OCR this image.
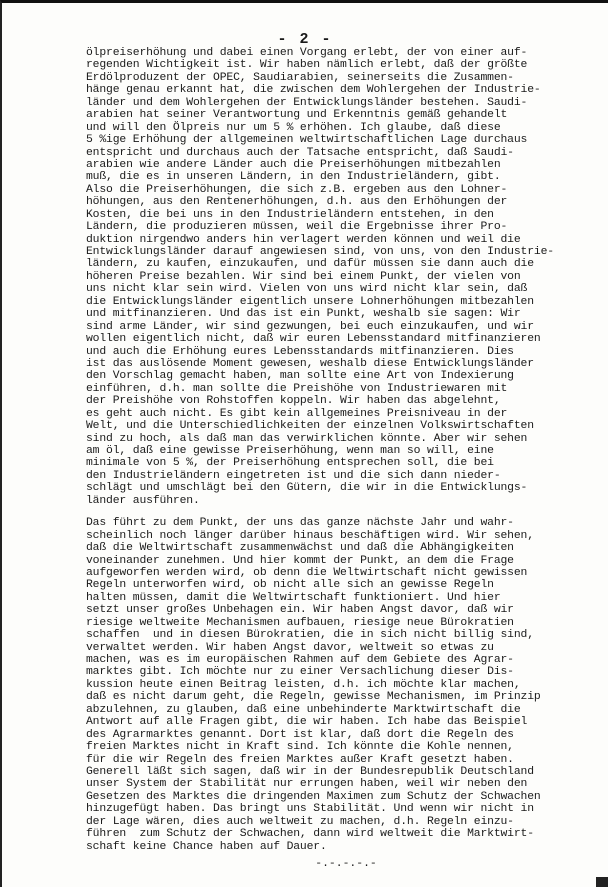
- 2 -
ölpreiserhöhung und dabei einen Vorgang erlebt, der von einer auf-
regenden Wichtigkeit ist. Wir haben nämlich erlebt, daß der größte
Erdölproduzent der OPEC, Saudiarabien, seinerseits die Zusammen-
hänge genau erkannt hat, die zwischen dem Wohlergehen der Industrie-
länder und dem Wohlergehen der Entwicklungsländer bestehen. Saudi-
arabien hat seiner Verantwortung und Erkenntnis gemäß gehandelt
und will den Ölpreis nur um 5 % erhöhen. Ich glaube, daß diese
5 %ige Erhöhung der allgemeinen weltwirtschaftlichen Lage durchaus
entspricht und durchaus auch der Tatsache entspricht, daß Saudi-
arabien wie andere Länder auch die Preiserhöhungen mitbezahlen
muß, die es in unseren Ländern, in den Industrieländern, gibt.
Also die Preiserhöhungen, die sich z.B. ergeben aus den Lohner-
höhungen, aus den Rentenerhöhungen, d.h. aus den Erhöhungen der
Kosten, die bei uns in den Industrieländern entstehen, in den
Ländern, die produzieren müssen, weil die Ergebnisse ihrer Pro-
duktion nirgendwo anders hin verlagert werden können und weil die
Entwicklungsländer darauf angewiesen sind, von uns, von den Industrie-
ländern, zu kaufen, einzukaufen, und dafür müssen sie dann auch die
höheren Preise bezahlen. Wir sind bei einem Punkt, der vielen von
uns nicht klar sein wird. Vielen von uns wird nicht klar sein, daß
die Entwicklungsländer eigentlich unsere Lohnerhöhungen mitbezahlen
und mitfinanzieren. Und das ist ein Punkt, weshalb sie sagen: Wir
sind arme Länder, wir sind gezwungen, bei euch einzukaufen, und wir
wollen eigentlich nicht, daß wir euren Lebensstandard mitfinanzieren
und auch die Erhöhung eures Lebensstandards mitfinanzieren. Dies
ist das auslösende Moment gewesen, weshalb diese Entwicklungsländer
den Vorschlag gemacht haben, man sollte eine Art von Indexierung
einführen, d.h. man sollte die Preishöhe von Industriewaren mit
der Preishöhe von Rohstoffen koppeln. Wir haben das abgelehnt,
es geht auch nicht. Es gibt kein allgemeines Preisniveau in der
Welt, und die Unterschiedlichkeiten der einzelnen Volkswirtschaften
sind zu hoch, als daß man das verwirklichen könnte. Aber wir sehen
am öl, daß eine gewisse Preiserhöhung, wenn man so will, eine
minimale von 5 %, der Preiserhöhung entsprechen soll, die bei
den Industrieländern eingetreten ist und die sich dann nieder-
schlägt und umschlägt bei den Gütern, die wir in die Entwicklungs-
länder ausführen.
Das führt zu dem Punkt, der uns das ganze nächste Jahr und wahr-
scheinlich noch länger darüber hinaus beschäftigen wird. Wir sehen,
daß die Weltwirtschaft zusammenwächst und daß die Abhängigkeiten
voneinander zunehmen. Und hier kommt der Punkt, an dem die Frage
aufgeworfen werden wird, ob denn die Weltwirtschaft nicht gewissen
Regeln unterworfen wird, ob nicht alle sich an gewisse Regeln
halten müssen, damit die Weltwirtschaft funktioniert. Und hier
setzt unser großes Unbehagen ein. Wir haben Angst davor, daß wir
riesige weltweite Mechanismen aufbauen, riesige neue Bürokratien
schaffen  und in diesen Bürokratien, die in sich nicht billig sind,
verwaltet werden. Wir haben Angst davor, weltweit so etwas zu
machen, was es im europäischen Rahmen auf dem Gebiete des Agrar-
marktes gibt. Ich möchte nur zu einer Versachlichung dieser Dis-
kussion heute einen Beitrag leisten, d.h. ich möchte klar machen,
daß es nicht darum geht, die Regeln, gewisse Mechanismen, im Prinzip
abzulehnen, zu glauben, daß eine unbehinderte Marktwirtschaft die
Antwort auf alle Fragen gibt, die wir haben. Ich habe das Beispiel
des Agrarmarktes genannt. Dort ist klar, daß dort die Regeln des
freien Marktes nicht in Kraft sind. Ich könnte die Kohle nennen,
für die wir Regeln des freien Marktes außer Kraft gesetzt haben.
Generell läßt sich sagen, daß wir in der Bundesrepublik Deutschland
unser System der Stabilität nur errungen haben, weil wir neben den
Gesetzen des Marktes die dringenden Maximen zum Schutz der Schwachen
hinzugefügt haben. Das bringt uns Stabilität. Und wenn wir nicht in
der Lage wären, dies auch weltweit zu machen, d.h. Regeln einzu-
führen  zum Schutz der Schwachen, dann wird weltweit die Marktwirt-
schaft keine Chance haben auf Dauer.
-.-.-.-.-
